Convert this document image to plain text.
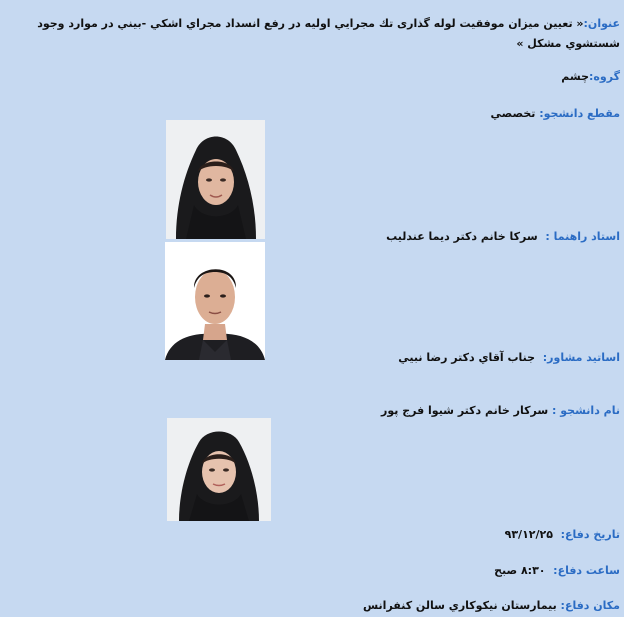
عنوان:« تعیین میزان موفقیت لوله گذاری تك مجرایي اولیه در رفع انسداد مجراي اشكي -بيني در موارد وجود شستشوي مشكل »
گروه:چشم
مقطع دانشجو: تخصصي
استاد راهنما :  سرکا خانم دکتر دیما عندلیب
اساتید مشاور:  جناب آقاي دکتر رضا نبیي
نام دانشجو : سرکار خانم دکتر شیوا فرج پور
تاریخ دفاع:  ۹۳/۱۲/۲۵
ساعت دفاع:  ۸:۳۰ صبح
مکان دفاع: بیمارستان نیکوکاري سالن کنفرانس
